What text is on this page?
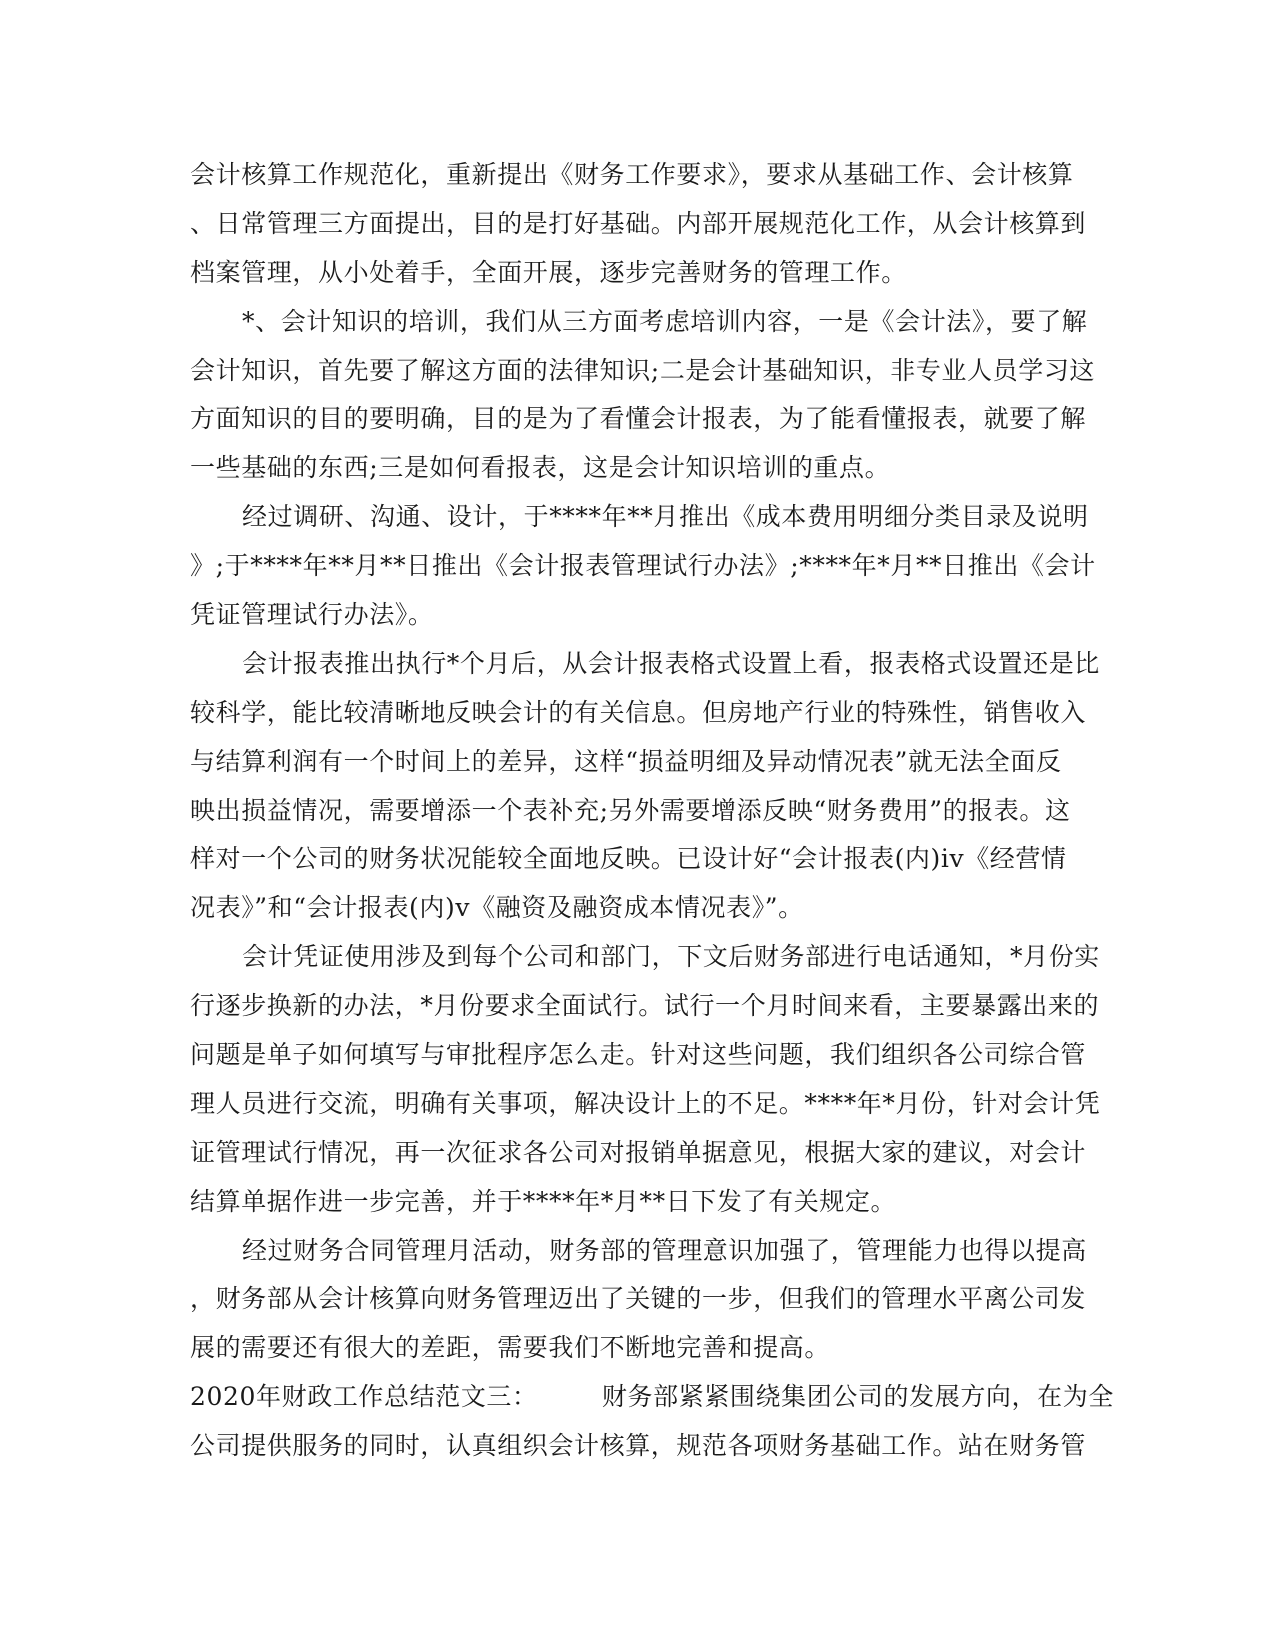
会计核算工作规范化，重新提出《财务工作要求》，要求从基础工作、会计核算
、日常管理三方面提出，目的是打好基础。内部开展规范化工作，从会计核算到
档案管理，从小处着手，全面开展，逐步完善财务的管理工作。
*、会计知识的培训，我们从三方面考虑培训内容，一是《会计法》，要了解
会计知识，首先要了解这方面的法律知识;二是会计基础知识，非专业人员学习这
方面知识的目的要明确，目的是为了看懂会计报表，为了能看懂报表，就要了解
一些基础的东西;三是如何看报表，这是会计知识培训的重点。
经过调研、沟通、设计，于****年**月推出《成本费用明细分类目录及说明
》;于****年**月**日推出《会计报表管理试行办法》;****年*月**日推出《会计
凭证管理试行办法》。
会计报表推出执行*个月后，从会计报表格式设置上看，报表格式设置还是比
较科学，能比较清晰地反映会计的有关信息。但房地产行业的特殊性，销售收入
与结算利润有一个时间上的差异，这样“损益明细及异动情况表”就无法全面反
映出损益情况，需要增添一个表补充;另外需要增添反映“财务费用”的报表。这
样对一个公司的财务状况能较全面地反映。已设计好“会计报表(内)iv《经营情
况表》”和“会计报表(内)v《融资及融资成本情况表》”。
会计凭证使用涉及到每个公司和部门，下文后财务部进行电话通知，*月份实
行逐步换新的办法，*月份要求全面试行。试行一个月时间来看，主要暴露出来的
问题是单子如何填写与审批程序怎么走。针对这些问题，我们组织各公司综合管
理人员进行交流，明确有关事项，解决设计上的不足。****年*月份，针对会计凭
证管理试行情况，再一次征求各公司对报销单据意见，根据大家的建议，对会计
结算单据作进一步完善，并于****年*月**日下发了有关规定。
经过财务合同管理月活动，财务部的管理意识加强了，管理能力也得以提高
，财务部从会计核算向财务管理迈出了关键的一步，但我们的管理水平离公司发
展的需要还有很大的差距，需要我们不断地完善和提高。
2020年财政工作总结范文三：　　　财务部紧紧围绕集团公司的发展方向，在为全
公司提供服务的同时，认真组织会计核算，规范各项财务基础工作。站在财务管
